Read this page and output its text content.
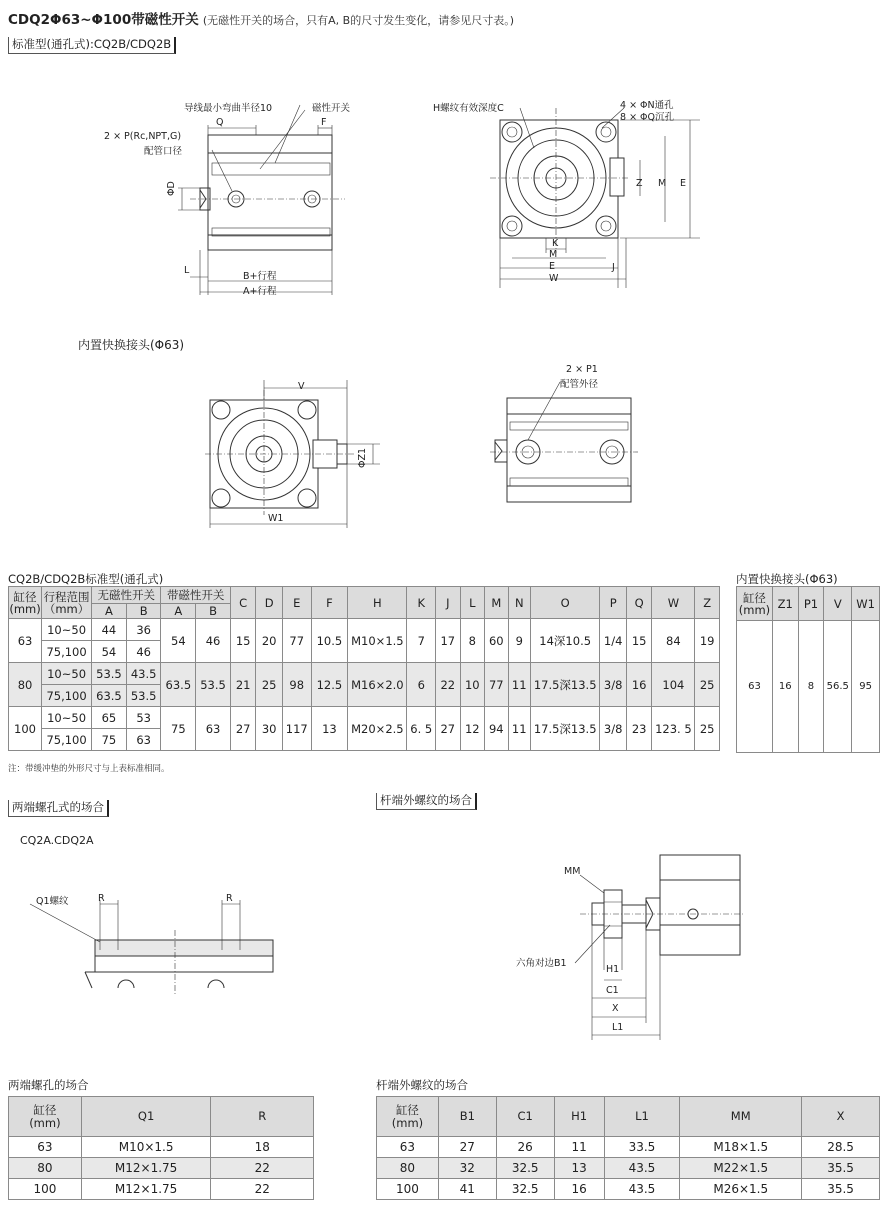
CDQ2Φ63~Φ100带磁性开关 (无磁性开关的场合，只有A, B的尺寸发生变化，请参见尺寸表。)
标准型(通孔式):CQ2B/CDQ2B
导线最小弯曲半径10	磁性开关
2 × P(Rc,NPT,G)
配管口径
Q	F
ΦD
L
B+行程
A+行程
H螺纹有效深度C	4 × ΦN通孔
8 × ΦQ沉孔
K
M
E
W
J
Z M E
内置快换接头(Φ63)
V
W1
ΦZ1
2 × P1
配管外径
CQ2B/CDQ2B标准型(通孔式)
缸径
(mm)	行程范围
（mm）	无磁性开关		带磁性开关		C	D	E	F	H	K	J	L	M	N	O	P	Q	W	Z
		A	B	A	B															
63	10~50	44	36	54	46	15	20	77	10.5	M10×1.5	7	17	8	60	9	14深10.5	1/4	15	84	19
	75,100	54	46																	
80	10~50	53.5	43.5	63.5	53.5	21	25	98	12.5	M16×2.0	6	22	10	77	11	17.5深13.5	3/8	16	104	25
	75,100	63.5	53.5																	
100	10~50	65	53	75	63	27	30	117	13	M20×2.5	6. 5	27	12	94	11	17.5深13.5	3/8	23	123. 5	25
	75,100	75	63																	
注：带缓冲垫的外形尺寸与上表标准相同。
内置快换接头(Φ63)
缸径
(mm)	Z1	P1	V	W1
63	16	8	56.5	95
两端螺孔式的场合	杆端外螺纹的场合
CQ2A.CDQ2A
Q1螺纹	R	R
MM
六角对边B1
H1
C1
X
L1
两端螺孔的场合
缸径
(mm)	Q1	R
63	M10×1.5	18
80	M12×1.75	22
100	M12×1.75	22
杆端外螺纹的场合
缸径
(mm)	B1	C1	H1	L1	MM	X
63	27	26	11	33.5	M18×1.5	28.5
80	32	32.5	13	43.5	M22×1.5	35.5
100	41	32.5	16	43.5	M26×1.5	35.5
